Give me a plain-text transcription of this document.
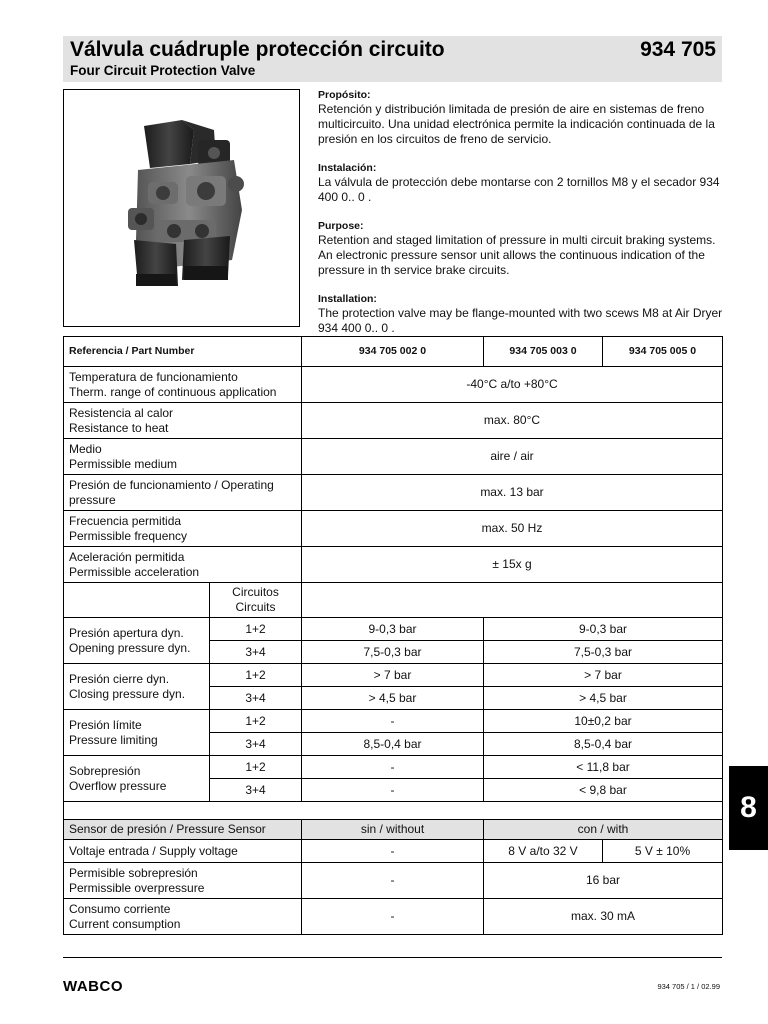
Válvula cuádruple protección circuito	934 705
Four Circuit Protection Valve
Propósito:

Retención y distribución limitada de presión de aire en sistemas de freno multicircuito. Una unidad electrónica permite la indicación continuada de la presión en los circuitos de freno de servicio.

Instalación:

La válvula de protección debe montarse con 2 tornillos M8 y el secador 934 400 0.. 0 .

Purpose:

Retention and staged limitation of pressure in multi circuit braking systems. An electronic pressure sensor unit allows the continuous indication of the pressure in th service brake circuits.

Installation:

The protection valve may be flange-mounted with two scews M8 at Air Dryer 934 400 0.. 0 .

Referencia / Part Number		934 705 002 0	934 705 003 0	934 705 005 0
Temperatura de funcionamiento
Therm. range of continuous application		-40°C a/to +80°C		
Resistencia al calor
Resistance to heat		max. 80°C		
Medio
Permissible medium		aire / air		
Presión de funcionamiento / Operating
pressure		max. 13 bar		
Frecuencia permitida
Permissible frequency		max. 50 Hz		
Aceleración permitida
Permissible acceleration		± 15x g		
	Circuitos
Circuits			
Presión apertura dyn.
Opening pressure dyn.	1+2	9-0,3 bar	9-0,3 bar	
	3+4	7,5-0,3 bar	7,5-0,3 bar	
Presión cierre dyn.
Closing pressure dyn.	1+2	> 7 bar	> 7 bar	
	3+4	> 4,5 bar	> 4,5 bar	
Presión límite
Pressure limiting	1+2	-	10±0,2 bar	
	3+4	8,5-0,4 bar	8,5-0,4 bar	
Sobrepresión
Overflow pressure	1+2	-	< 11,8 bar	
	3+4	-	< 9,8 bar	

Sensor de presión / Pressure Sensor		sin / without	con / with	
Voltaje entrada / Supply voltage		-	8 V a/to 32 V	5 V ± 10%
Permisible sobrepresión
Permissible overpressure		-	16 bar	
Consumo corriente
Current consumption		-	max. 30 mA	
8
WABCO	934 705 / 1 / 02.99
